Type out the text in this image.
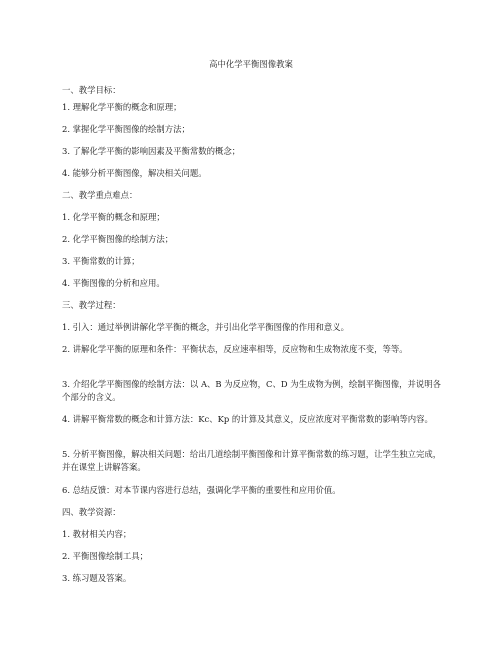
高中化学平衡图像教案
一、教学目标：
1. 理解化学平衡的概念和原理；
2. 掌握化学平衡图像的绘制方法；
3. 了解化学平衡的影响因素及平衡常数的概念；
4. 能够分析平衡图像，解决相关问题。
二、教学重点难点：
1. 化学平衡的概念和原理；
2. 化学平衡图像的绘制方法；
3. 平衡常数的计算；
4. 平衡图像的分析和应用。
三、教学过程：
1. 引入：通过举例讲解化学平衡的概念，并引出化学平衡图像的作用和意义。
2. 讲解化学平衡的原理和条件：平衡状态，反应速率相等，反应物和生成物浓度不变，等等。
3. 介绍化学平衡图像的绘制方法：以 A、B 为反应物，C、D 为生成物为例，绘制平衡图像，并说明各个部分的含义。
4. 讲解平衡常数的概念和计算方法：Kc、Kp 的计算及其意义，反应浓度对平衡常数的影响等内容。
5. 分析平衡图像，解决相关问题：给出几道绘制平衡图像和计算平衡常数的练习题，让学生独立完成，并在课堂上讲解答案。
6. 总结反馈：对本节课内容进行总结，强调化学平衡的重要性和应用价值。
四、教学资源：
1. 教材相关内容；
2. 平衡图像绘制工具；
3. 练习题及答案。
